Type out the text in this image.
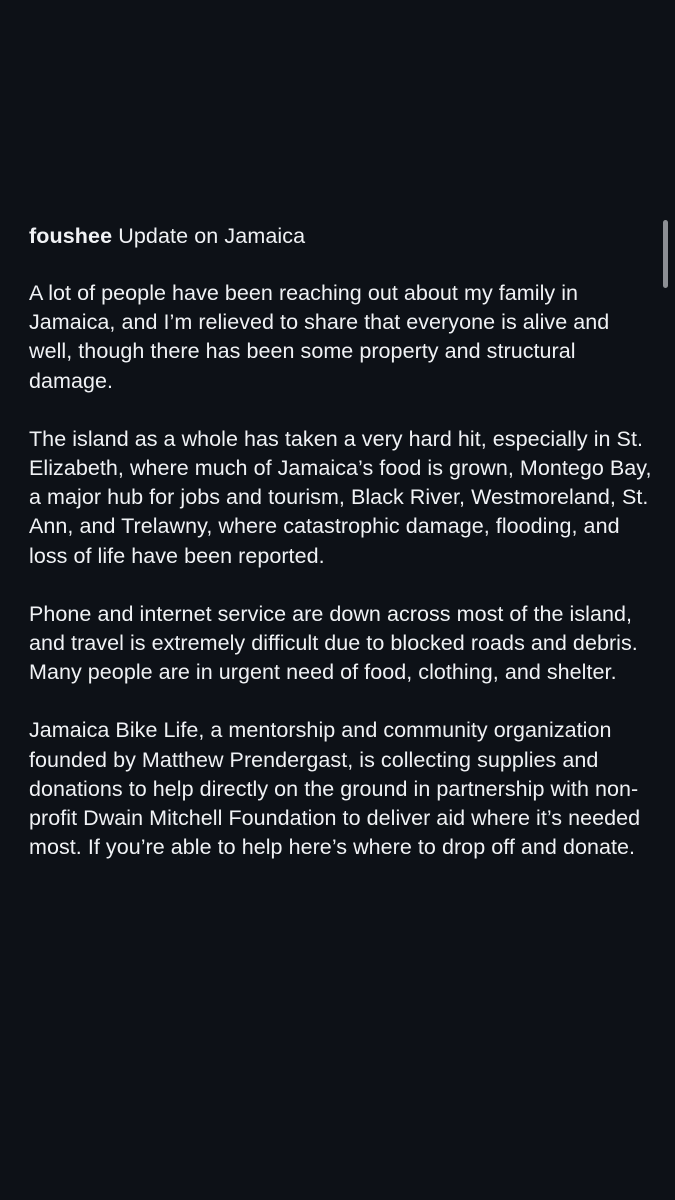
foushee Update on Jamaica

A lot of people have been reaching out about my family in Jamaica, and I’m relieved to share that everyone is alive and well, though there has been some property and structural damage.

The island as a whole has taken a very hard hit, especially in St. Elizabeth, where much of Jamaica’s food is grown, Montego Bay, a major hub for jobs and tourism, Black River, Westmoreland, St. Ann, and Trelawny, where catastrophic damage, flooding, and loss of life have been reported.

Phone and internet service are down across most of the island, and travel is extremely difficult due to blocked roads and debris. Many people are in urgent need of food, clothing, and shelter.

Jamaica Bike Life, a mentorship and community organization founded by Matthew Prendergast, is collecting supplies and donations to help directly on the ground in partnership with non-profit Dwain Mitchell Foundation to deliver aid where it’s needed most. If you’re able to help here’s where to drop off and donate.
